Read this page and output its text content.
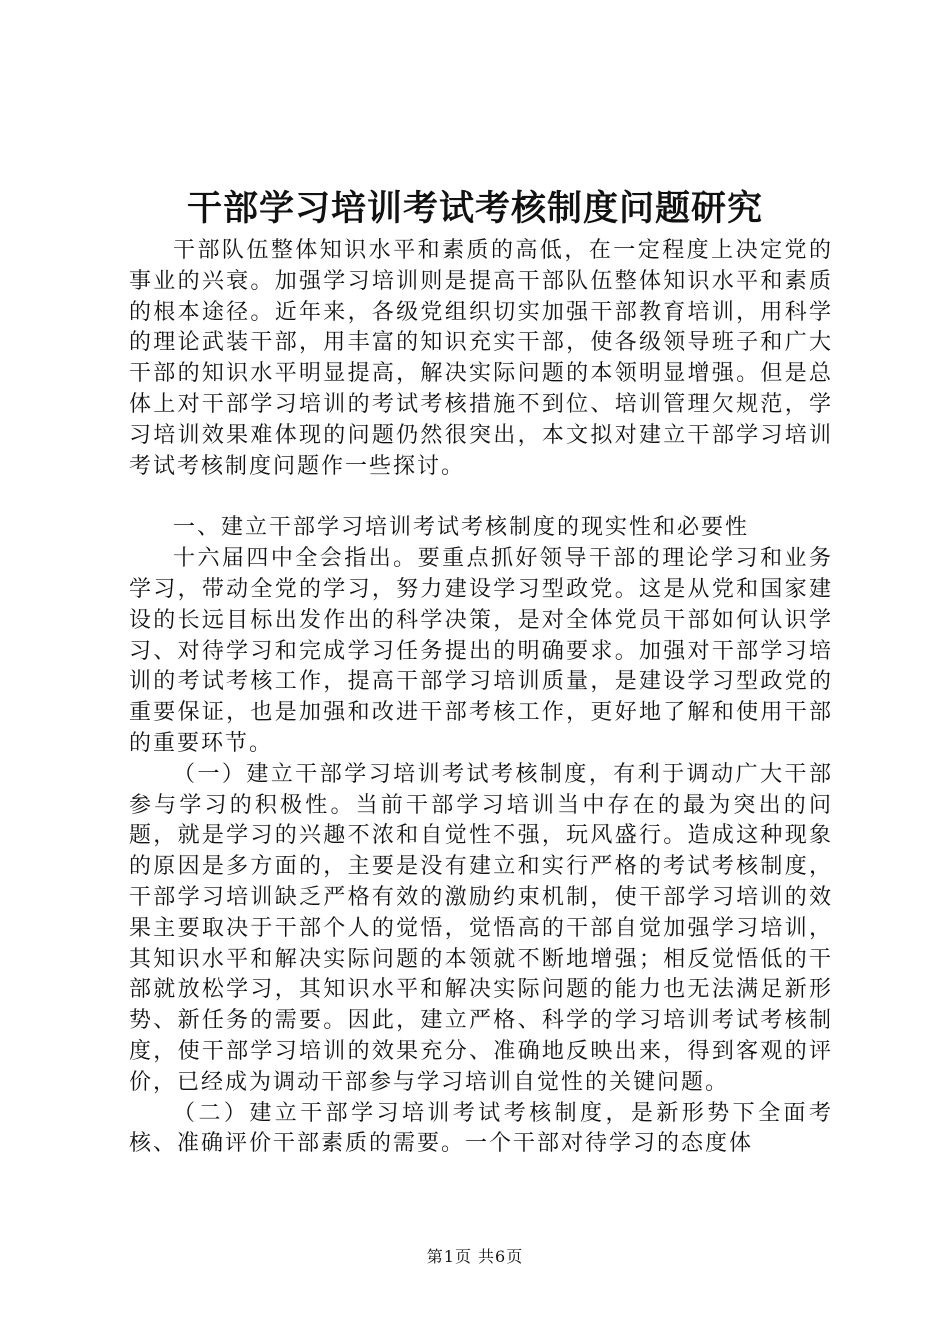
干部学习培训考试考核制度问题研究

干部队伍整体知识水平和素质的高低，在一定程度上决定党的事业的兴衰。加强学习培训则是提高干部队伍整体知识水平和素质的根本途径。近年来，各级党组织切实加强干部教育培训，用科学的理论武装干部，用丰富的知识充实干部，使各级领导班子和广大干部的知识水平明显提高，解决实际问题的本领明显增强。但是总体上对干部学习培训的考试考核措施不到位、培训管理欠规范，学习培训效果难体现的问题仍然很突出，本文拟对建立干部学习培训考试考核制度问题作一些探讨。

一、建立干部学习培训考试考核制度的现实性和必要性

十六届四中全会指出。要重点抓好领导干部的理论学习和业务学习，带动全党的学习，努力建设学习型政党。这是从党和国家建设的长远目标出发作出的科学决策，是对全体党员干部如何认识学习、对待学习和完成学习任务提出的明确要求。加强对干部学习培训的考试考核工作，提高干部学习培训质量，是建设学习型政党的重要保证，也是加强和改进干部考核工作，更好地了解和使用干部的重要环节。

（一）建立干部学习培训考试考核制度，有利于调动广大干部参与学习的积极性。当前干部学习培训当中存在的最为突出的问题，就是学习的兴趣不浓和自觉性不强，玩风盛行。造成这种现象的原因是多方面的，主要是没有建立和实行严格的考试考核制度，干部学习培训缺乏严格有效的激励约束机制，使干部学习培训的效果主要取决于干部个人的觉悟，觉悟高的干部自觉加强学习培训，其知识水平和解决实际问题的本领就不断地增强；相反觉悟低的干部就放松学习，其知识水平和解决实际问题的能力也无法满足新形势、新任务的需要。因此，建立严格、科学的学习培训考试考核制度，使干部学习培训的效果充分、准确地反映出来，得到客观的评价，已经成为调动干部参与学习培训自觉性的关键问题。

（二）建立干部学习培训考试考核制度，是新形势下全面考核、准确评价干部素质的需要。一个干部对待学习的态度体

第1页 共6页
